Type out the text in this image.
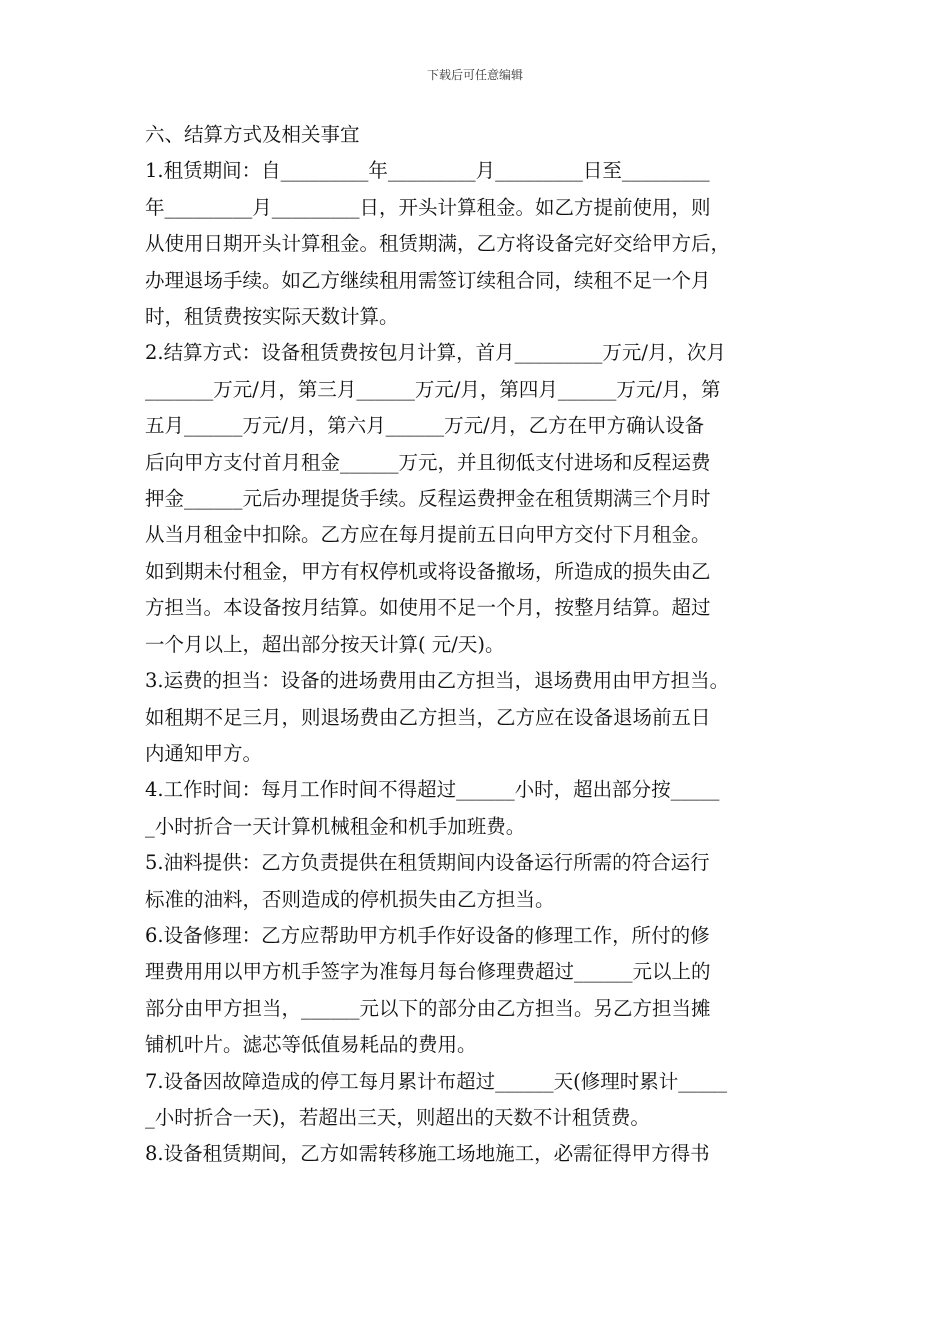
下载后可任意编辑

六、结算方式及相关事宜

1.租赁期间：自_________年_________月_________日至_________

年_________月_________日，开头计算租金。如乙方提前使用，则

从使用日期开头计算租金。租赁期满，乙方将设备完好交给甲方后，

办理退场手续。如乙方继续租用需签订续租合同，续租不足一个月

时，租赁费按实际天数计算。

2.结算方式：设备租赁费按包月计算，首月_________万元/月，次月

_______万元/月，第三月______万元/月，第四月______万元/月，第

五月______万元/月，第六月______万元/月，乙方在甲方确认设备

后向甲方支付首月租金______万元，并且彻低支付进场和反程运费

押金______元后办理提货手续。反程运费押金在租赁期满三个月时

从当月租金中扣除。乙方应在每月提前五日向甲方交付下月租金。

如到期未付租金，甲方有权停机或将设备撤场，所造成的损失由乙

方担当。本设备按月结算。如使用不足一个月，按整月结算。超过

一个月以上，超出部分按天计算( 元/天)。

3.运费的担当：设备的进场费用由乙方担当，退场费用由甲方担当。

如租期不足三月，则退场费由乙方担当，乙方应在设备退场前五日

内通知甲方。

4.工作时间：每月工作时间不得超过______小时，超出部分按_____

_小时折合一天计算机械租金和机手加班费。

5.油料提供：乙方负责提供在租赁期间内设备运行所需的符合运行

标准的油料，否则造成的停机损失由乙方担当。

6.设备修理：乙方应帮助甲方机手作好设备的修理工作，所付的修

理费用用以甲方机手签字为准每月每台修理费超过______元以上的

部分由甲方担当，______元以下的部分由乙方担当。另乙方担当摊

铺机叶片。滤芯等低值易耗品的费用。

7.设备因故障造成的停工每月累计布超过______天(修理时累计_____

_小时折合一天)，若超出三天，则超出的天数不计租赁费。

8.设备租赁期间，乙方如需转移施工场地施工，必需征得甲方得书
